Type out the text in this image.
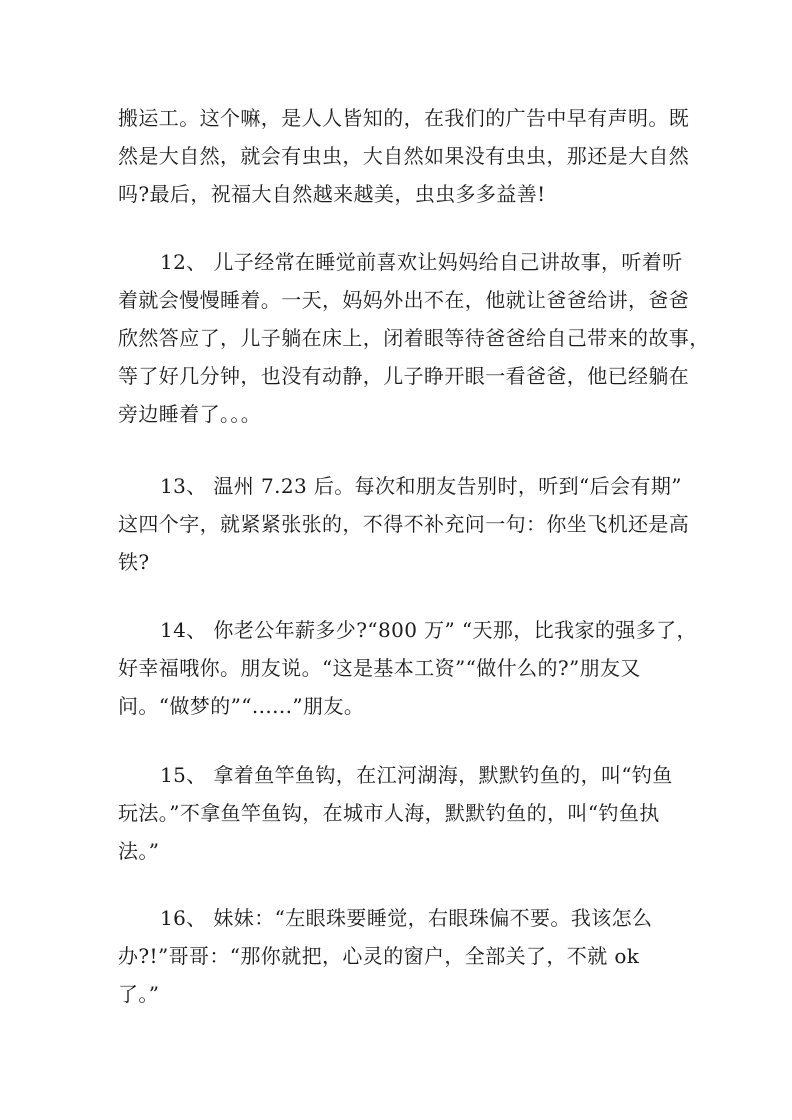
搬运工。这个嘛，是人人皆知的，在我们的广告中早有声明。既
然是大自然，就会有虫虫，大自然如果没有虫虫，那还是大自然
吗?最后，祝福大自然越来越美，虫虫多多益善!
12、 儿子经常在睡觉前喜欢让妈妈给自己讲故事，听着听
着就会慢慢睡着。一天，妈妈外出不在，他就让爸爸给讲，爸爸
欣然答应了，儿子躺在床上，闭着眼等待爸爸给自己带来的故事，
等了好几分钟，也没有动静，儿子睁开眼一看爸爸，他已经躺在
旁边睡着了。。。
13、 温州 7.23 后。每次和朋友告别时，听到“后会有期”
这四个字，就紧紧张张的，不得不补充问一句：你坐飞机还是高
铁?
14、 你老公年薪多少?“800 万” “天那，比我家的强多了，
好幸福哦你。朋友说。“这是基本工资”“做什么的?”朋友又
问。“做梦的”“......”朋友。
15、 拿着鱼竿鱼钩，在江河湖海，默默钓鱼的，叫“钓鱼
玩法。”不拿鱼竿鱼钩，在城市人海，默默钓鱼的，叫“钓鱼执
法。”
16、 妹妹：“左眼珠要睡觉，右眼珠偏不要。我该怎么
办?!”哥哥：“那你就把，心灵的窗户，全部关了，不就 ok
了。”
